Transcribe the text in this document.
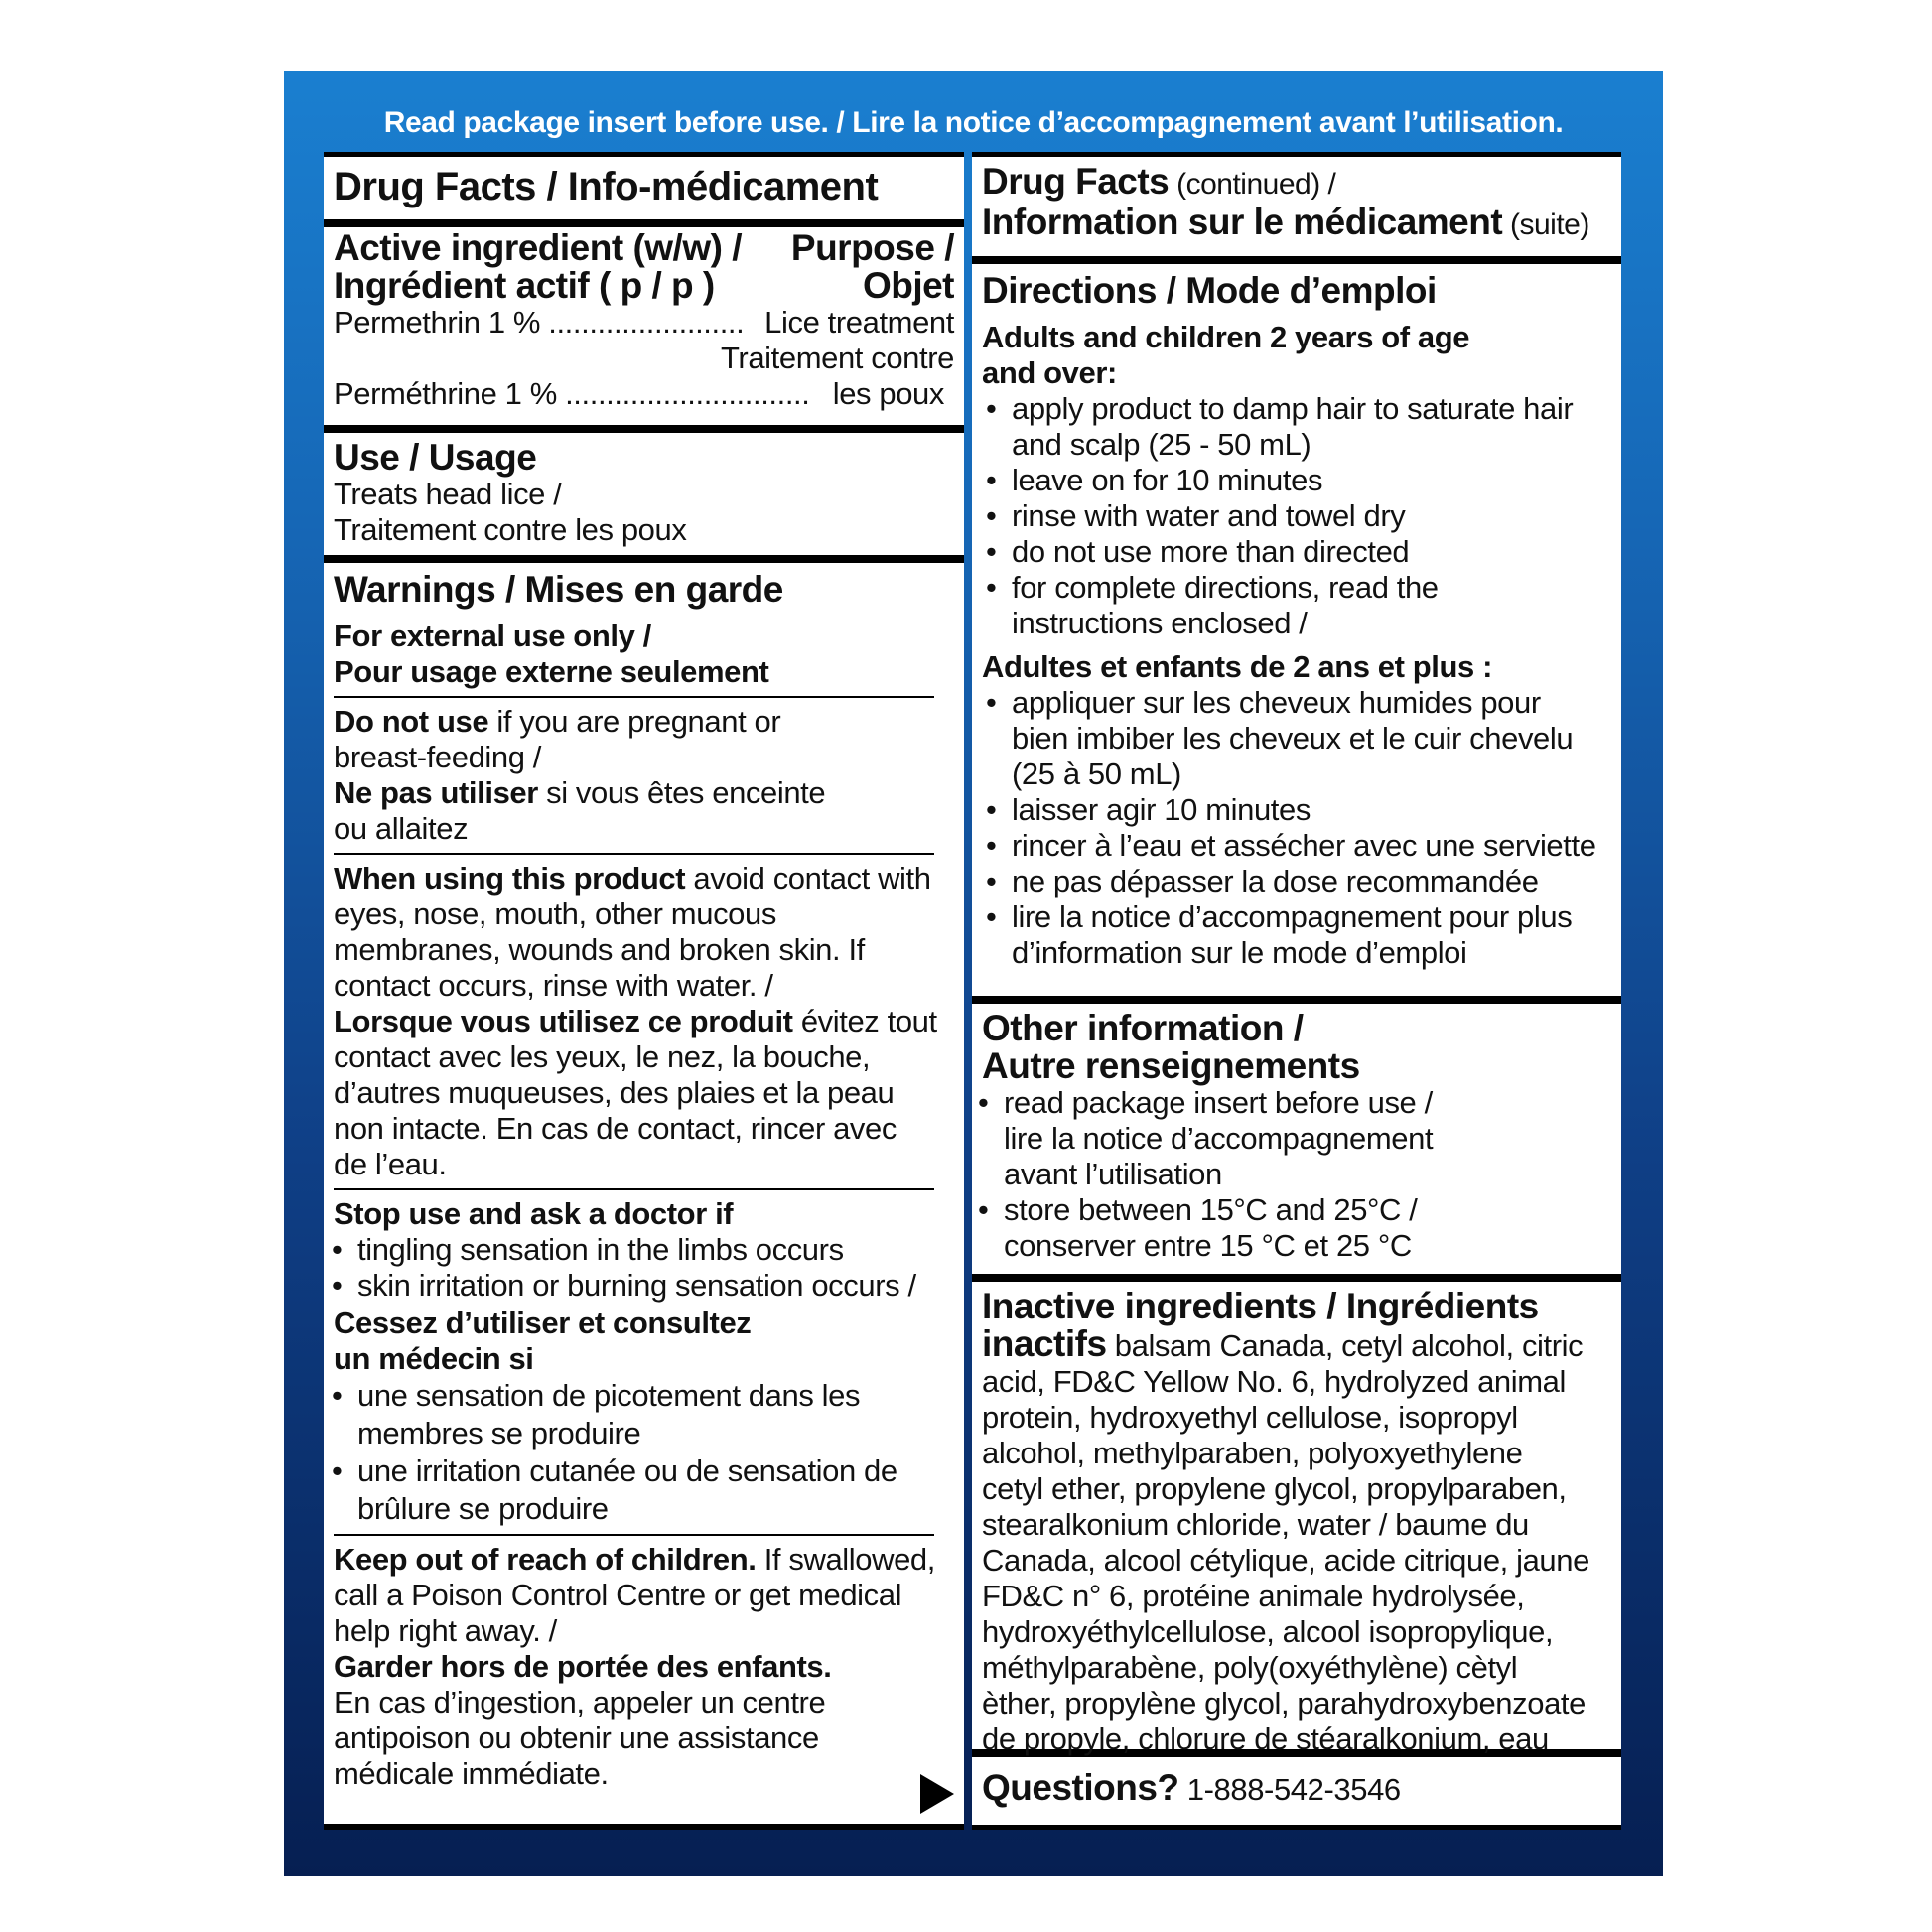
Read package insert before use. / Lire la notice d’accompagnement avant l’utilisation.
Drug Facts / Info-médicament
Active ingredient (w/w) / Purpose /
Ingrédient actif ( p / p )	Objet
Permethrin 1 % ........................ Lice treatment
Traitement contre
Perméthrine 1 % .............................. les poux
Use / Usage
Treats head lice /
Traitement contre les poux
Warnings / Mises en garde
For external use only /
Pour usage externe seulement
Do not use if you are pregnant or
breast-feeding /
Ne pas utiliser si vous êtes enceinte
ou allaitez
When using this product avoid contact with
eyes, nose, mouth, other mucous
membranes, wounds and broken skin. If
contact occurs, rinse with water. /
Lorsque vous utilisez ce produit évitez tout
contact avec les yeux, le nez, la bouche,
d’autres muqueuses, des plaies et la peau
non intacte. En cas de contact, rincer avec
de l’eau.
Stop use and ask a doctor if
• tingling sensation in the limbs occurs
• skin irritation or burning sensation occurs /
Cessez d’utiliser et consultez
un médecin si
• une sensation de picotement dans les
membres se produire
• une irritation cutanée ou de sensation de
brûlure se produire
Keep out of reach of children. If swallowed,
call a Poison Control Centre or get medical
help right away. /
Garder hors de portée des enfants.
En cas d’ingestion, appeler un centre
antipoison ou obtenir une assistance
médicale immédiate.
Drug Facts (continued) /
Information sur le médicament (suite)
Directions / Mode d’emploi
Adults and children 2 years of age
and over:
• apply product to damp hair to saturate hair
and scalp (25 - 50 mL)
• leave on for 10 minutes
• rinse with water and towel dry
• do not use more than directed
• for complete directions, read the
instructions enclosed /
Adultes et enfants de 2 ans et plus :
• appliquer sur les cheveux humides pour
bien imbiber les cheveux et le cuir chevelu
(25 à 50 mL)
• laisser agir 10 minutes
• rincer à l’eau et assécher avec une serviette
• ne pas dépasser la dose recommandée
• lire la notice d’accompagnement pour plus
d’information sur le mode d’emploi
Other information /
Autre renseignements
• read package insert before use /
lire la notice d’accompagnement
avant l’utilisation
• store between 15°C and 25°C /
conserver entre 15 °C et 25 °C
Inactive ingredients / Ingrédients
inactifs balsam Canada, cetyl alcohol, citric
acid, FD&C Yellow No. 6, hydrolyzed animal
protein, hydroxyethyl cellulose, isopropyl
alcohol, methylparaben, polyoxyethylene
cetyl ether, propylene glycol, propylparaben,
stearalkonium chloride, water / baume du
Canada, alcool cétylique, acide citrique, jaune
FD&C n° 6, protéine animale hydrolysée,
hydroxyéthylcellulose, alcool isopropylique,
méthylparabène, poly(oxyéthylène) cètyl
èther, propylène glycol, parahydroxybenzoate
de propyle, chlorure de stéaralkonium, eau
Questions? 1-888-542-3546
